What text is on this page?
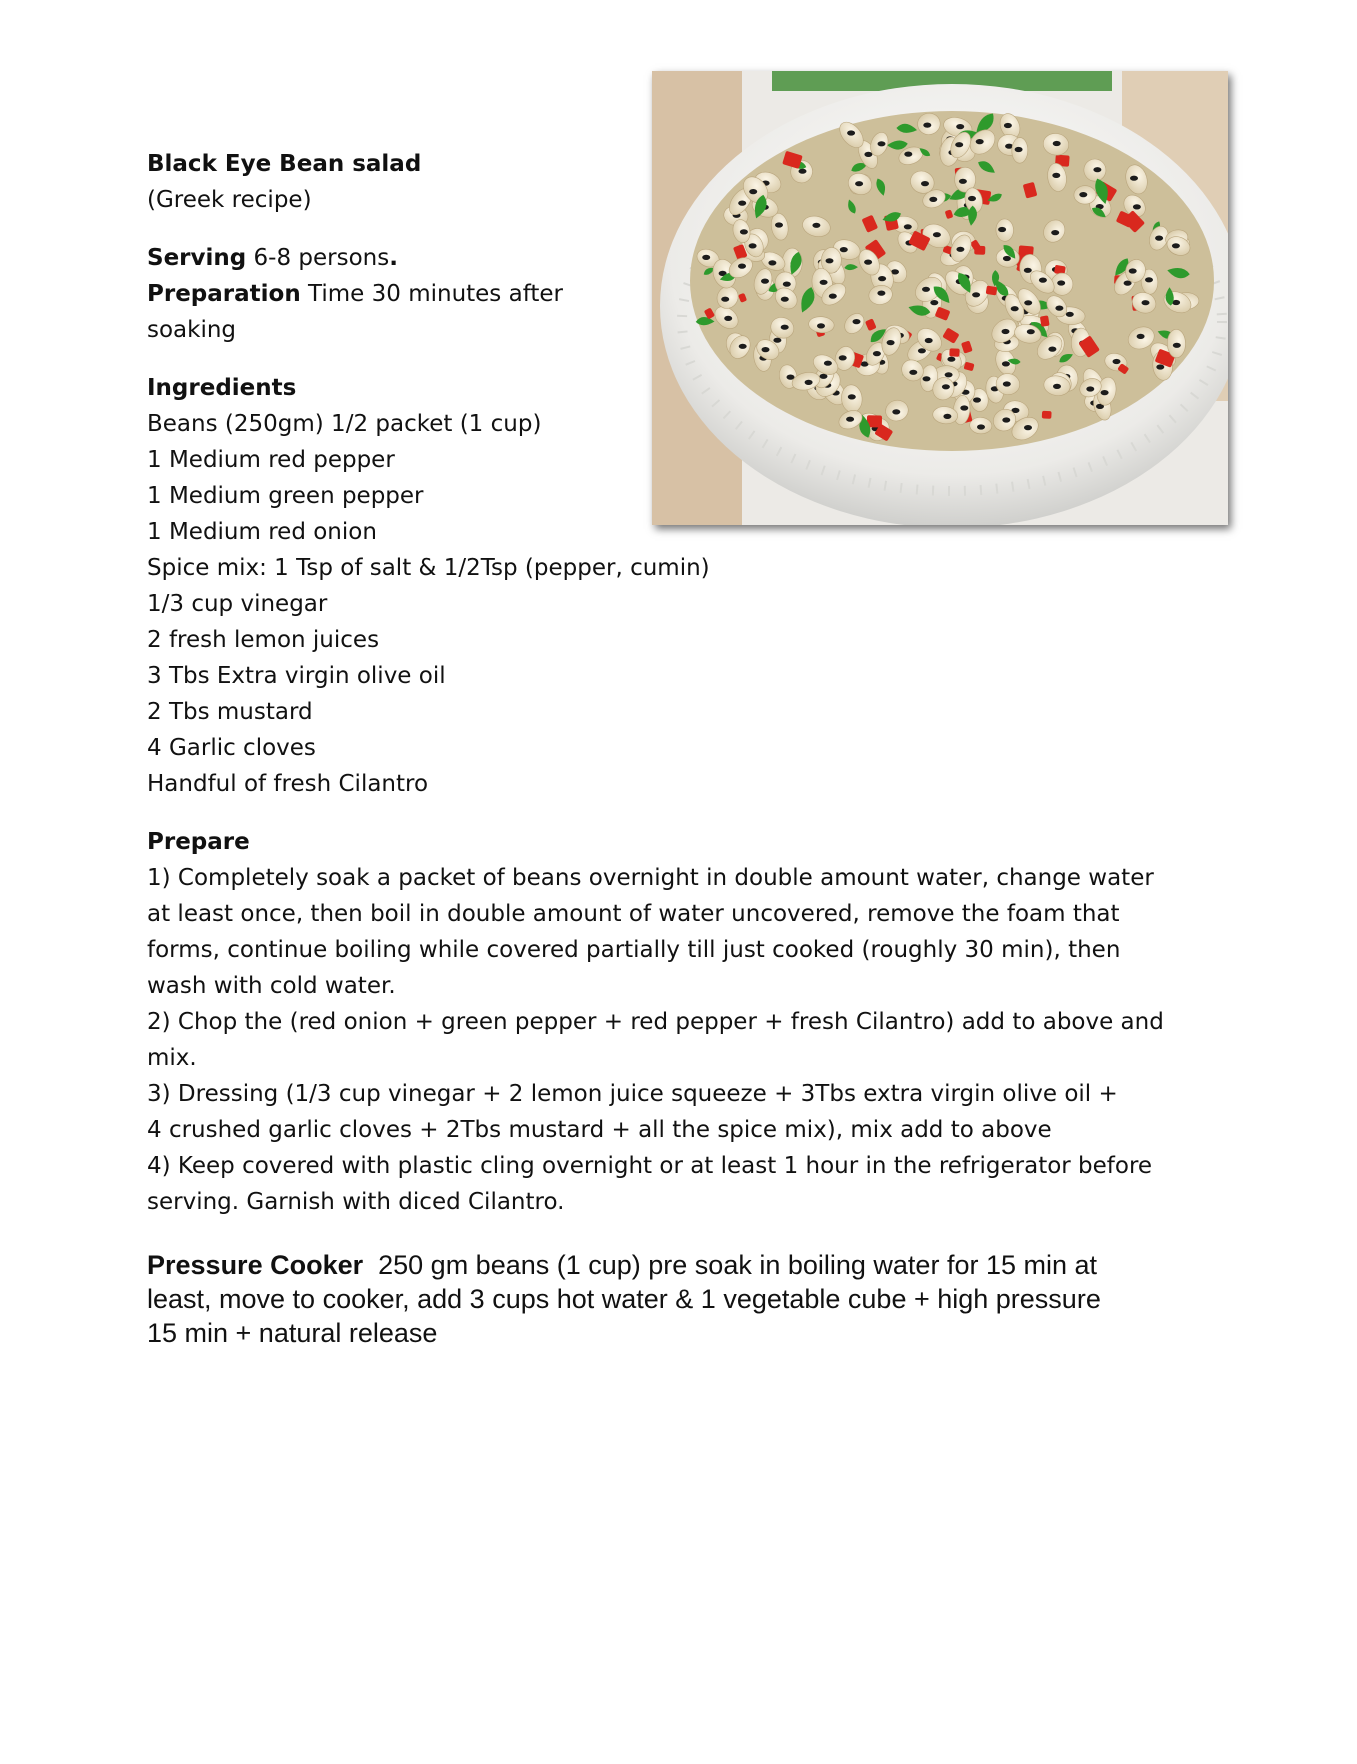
Black Eye Bean salad
(Greek recipe)
Serving 6-8 persons.
Preparation Time 30 minutes after
soaking
Ingredients
Beans (250gm) 1/2 packet (1 cup)
1 Medium red pepper
1 Medium green pepper
1 Medium red onion
Spice mix: 1 Tsp of salt & 1/2Tsp (pepper, cumin)
1/3 cup vinegar
2 fresh lemon juices
3 Tbs Extra virgin olive oil
2 Tbs mustard
4 Garlic cloves
Handful of fresh Cilantro
Prepare
1) Completely soak a packet of beans overnight in double amount water, change water
at least once, then boil in double amount of water uncovered, remove the foam that
forms, continue boiling while covered partially till just cooked (roughly 30 min), then
wash with cold water.
2) Chop the (red onion + green pepper + red pepper + fresh Cilantro) add to above and
mix.
3) Dressing (1/3 cup vinegar + 2 lemon juice squeeze + 3Tbs extra virgin olive oil +
4 crushed garlic cloves + 2Tbs mustard + all the spice mix), mix add to above
4) Keep covered with plastic cling overnight or at least 1 hour in the refrigerator before
serving. Garnish with diced Cilantro.
Pressure Cooker 250 gm beans (1 cup) pre soak in boiling water for 15 min at
least, move to cooker, add 3 cups hot water & 1 vegetable cube + high pressure
15 min + natural release
